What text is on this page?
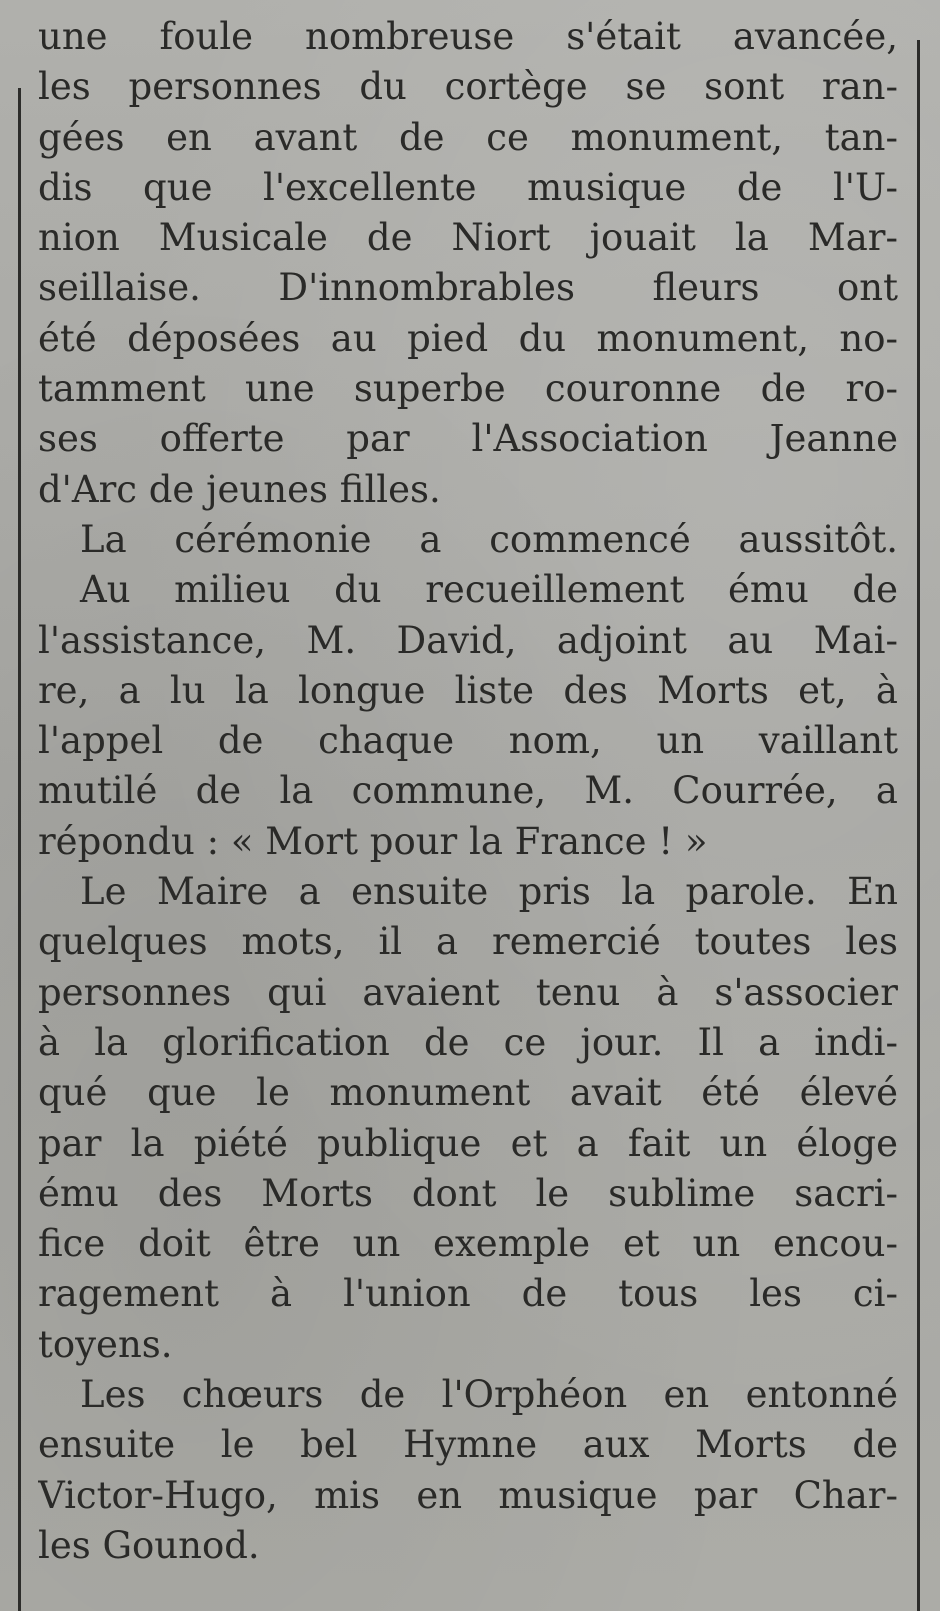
une foule nombreuse s'était avancée,
les personnes du cortège se sont ran-
gées en avant de ce monument, tan-
dis que l'excellente musique de l'U-
nion Musicale de Niort jouait la Mar-
seillaise. D'innombrables fleurs ont
été déposées au pied du monument, no-
tamment une superbe couronne de ro-
ses offerte par l'Association Jeanne
d'Arc de jeunes filles.
La cérémonie a commencé aussitôt.
Au milieu du recueillement ému de
l'assistance, M. David, adjoint au Mai-
re, a lu la longue liste des Morts et, à
l'appel de chaque nom, un vaillant
mutilé de la commune, M. Courrée, a
répondu : « Mort pour la France ! »
Le Maire a ensuite pris la parole. En
quelques mots, il a remercié toutes les
personnes qui avaient tenu à s'associer
à la glorification de ce jour. Il a indi-
qué que le monument avait été élevé
par la piété publique et a fait un éloge
ému des Morts dont le sublime sacri-
fice doit être un exemple et un encou-
ragement à l'union de tous les ci-
toyens.
Les chœurs de l'Orphéon en entonné
ensuite le bel Hymne aux Morts de
Victor-Hugo, mis en musique par Char-
les Gounod.
